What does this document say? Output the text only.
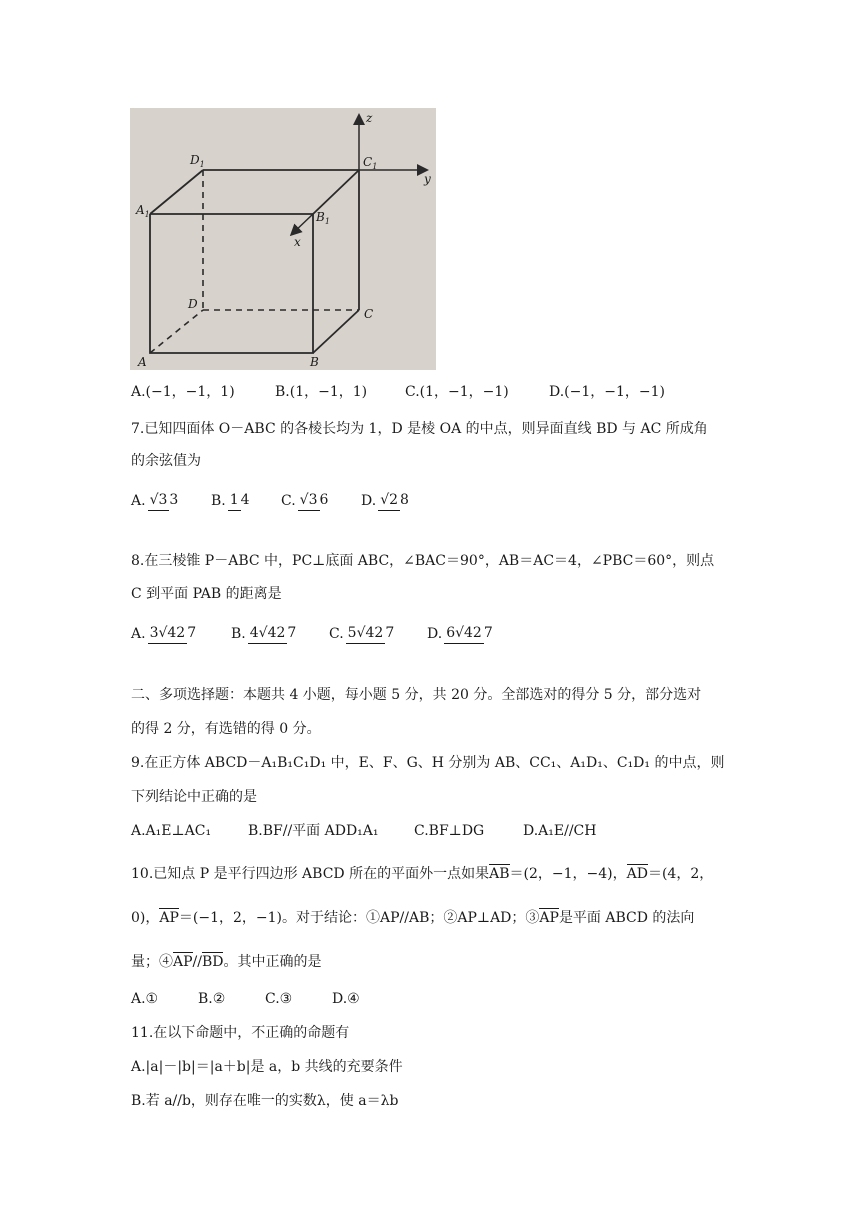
z
y
x
$D_1$	$C_1$
$A_1$	$B_1$
D
C
A	B
A.(−1，−1，1)	B.(1，−1，1)	C.(1，−1，−1)	D.(−1，−1，−1)
7.已知四面体 O－ABC 的各棱长均为 1，D 是棱 OA 的中点，则异面直线 BD 与 AC 所成角
的余弦值为
A. √3 3 B. 1 4 C. √3 6 D. √2 8
8.在三棱锥 P－ABC 中，PC⊥底面 ABC，∠BAC＝90°，AB＝AC＝4，∠PBC＝60°，则点
C 到平面 PAB 的距离是
A. 3√42 7 B. 4√42 7 C. 5√42 7 D. 6√42 7
二、多项选择题：本题共 4 小题，每小题 5 分，共 20 分。全部选对的得分 5 分，部分选对
的得 2 分，有选错的得 0 分。
9.在正方体 ABCD－A₁B₁C₁D₁ 中，E、F、G、H 分别为 AB、CC₁、A₁D₁、C₁D₁ 的中点，则
下列结论中正确的是
A.A₁E⊥AC₁	B.BF//平面 ADD₁A₁	C.BF⊥DG	D.A₁E//CH
10.已知点 P 是平行四边形 ABCD 所在的平面外一点如果AB＝(2，−1，−4)，AD＝(4，2，
0)，AP＝(−1，2，−1)。对于结论：①AP//AB；②AP⊥AD；③AP是平面 ABCD 的法向
量；④AP//BD。其中正确的是
A.①	B.②	C.③	D.④
11.在以下命题中，不正确的命题有
A.|a|－|b|＝|a＋b|是 a，b 共线的充要条件
B.若 a//b，则存在唯一的实数λ，使 a＝λb
